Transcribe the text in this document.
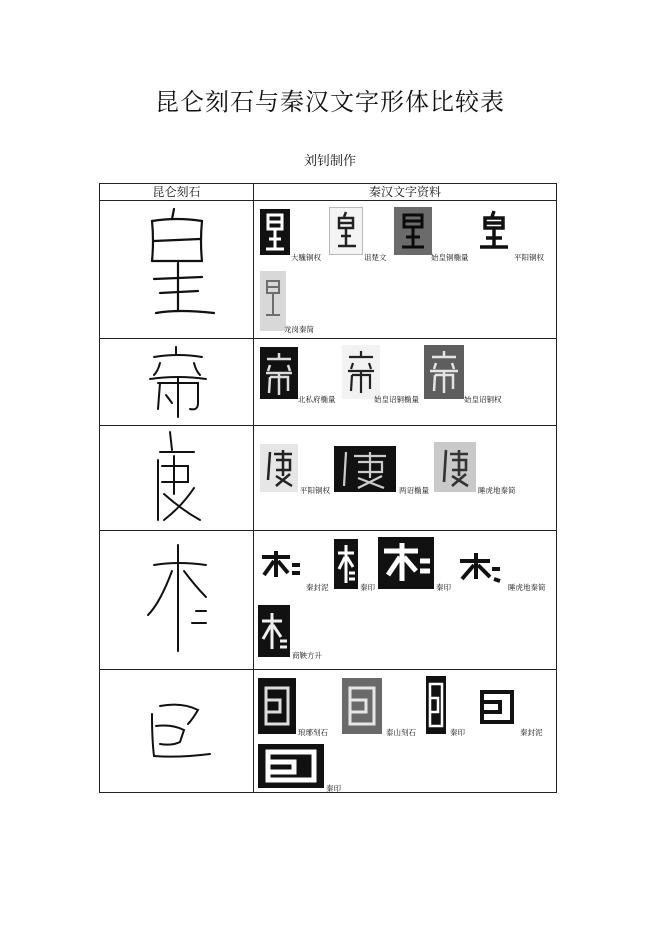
昆仑刻石与秦汉文字形体比较表
刘钊制作
昆仑刻石	秦汉文字资料

大騩铜权 诅楚文 始皇铜椭量 平阳铜权
龙岗秦简

北私府椭量 始皇诏铜椭量 始皇诏铜权

平阳铜权 两诏椭量 睡虎地秦简

秦封泥 秦印 秦印 睡虎地秦简
商鞅方升

琅琊刻石 泰山刻石 秦印 秦封泥
秦印
